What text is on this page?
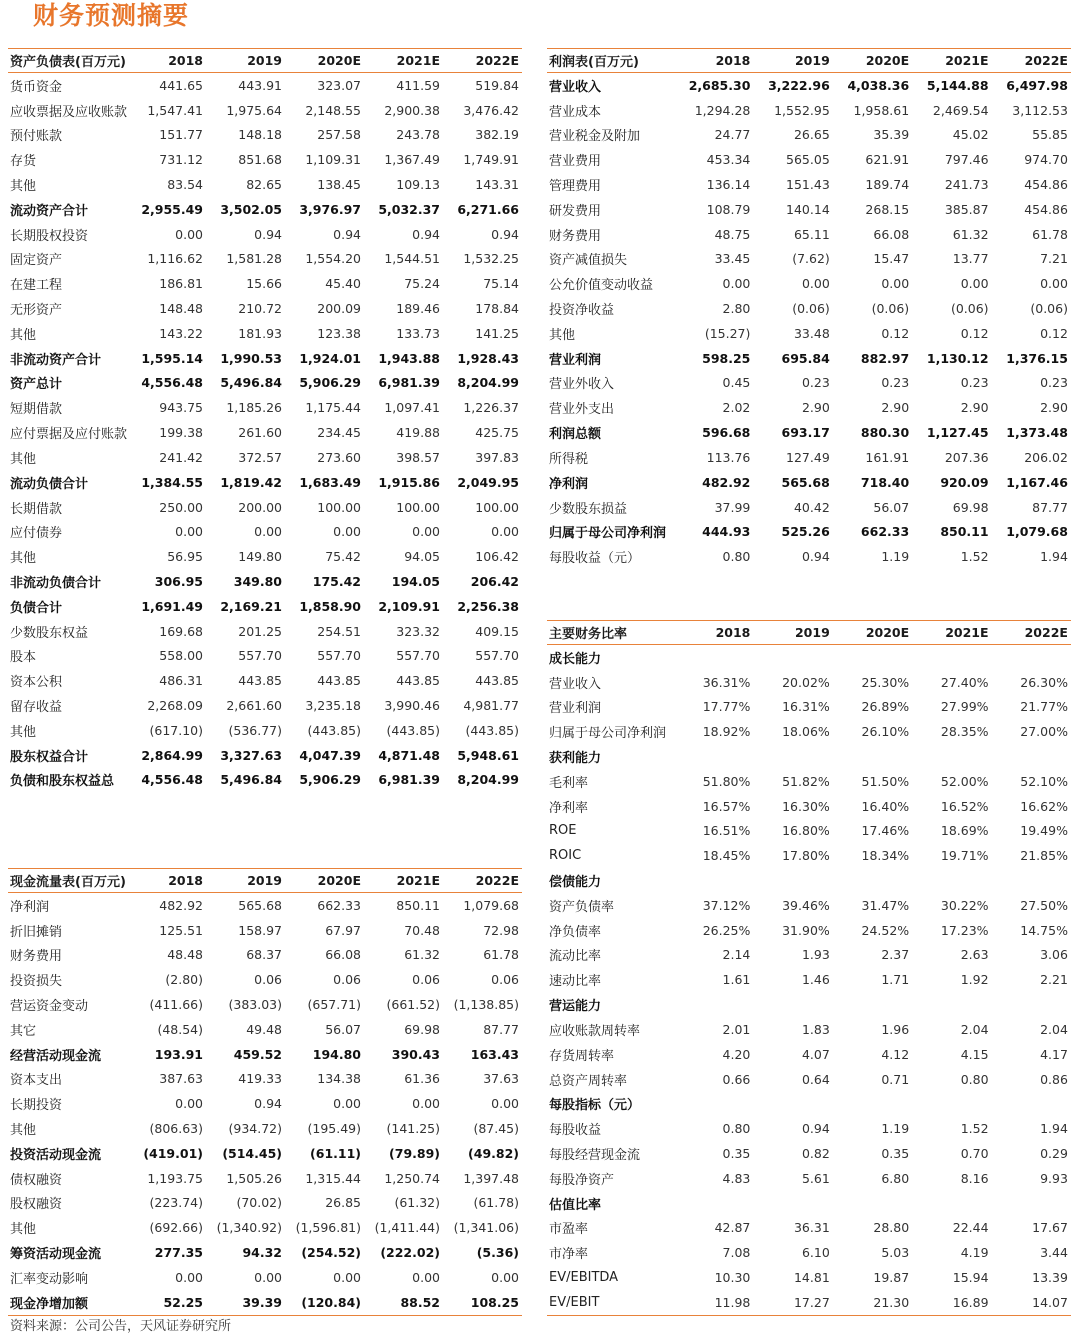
财务预测摘要
资产负债表(百万元)	2018	2019	2020E	2021E	2022E
货币资金	441.65	443.91	323.07	411.59	519.84
应收票据及应收账款	1,547.41	1,975.64	2,148.55	2,900.38	3,476.42
预付账款	151.77	148.18	257.58	243.78	382.19
存货	731.12	851.68	1,109.31	1,367.49	1,749.91
其他	83.54	82.65	138.45	109.13	143.31
流动资产合计	2,955.49	3,502.05	3,976.97	5,032.37	6,271.66
长期股权投资	0.00	0.94	0.94	0.94	0.94
固定资产	1,116.62	1,581.28	1,554.20	1,544.51	1,532.25
在建工程	186.81	15.66	45.40	75.24	75.14
无形资产	148.48	210.72	200.09	189.46	178.84
其他	143.22	181.93	123.38	133.73	141.25
非流动资产合计	1,595.14	1,990.53	1,924.01	1,943.88	1,928.43
资产总计	4,556.48	5,496.84	5,906.29	6,981.39	8,204.99
短期借款	943.75	1,185.26	1,175.44	1,097.41	1,226.37
应付票据及应付账款	199.38	261.60	234.45	419.88	425.75
其他	241.42	372.57	273.60	398.57	397.83
流动负债合计	1,384.55	1,819.42	1,683.49	1,915.86	2,049.95
长期借款	250.00	200.00	100.00	100.00	100.00
应付债券	0.00	0.00	0.00	0.00	0.00
其他	56.95	149.80	75.42	94.05	106.42
非流动负债合计	306.95	349.80	175.42	194.05	206.42
负债合计	1,691.49	2,169.21	1,858.90	2,109.91	2,256.38
少数股东权益	169.68	201.25	254.51	323.32	409.15
股本	558.00	557.70	557.70	557.70	557.70
资本公积	486.31	443.85	443.85	443.85	443.85
留存收益	2,268.09	2,661.60	3,235.18	3,990.46	4,981.77
其他	(617.10)	(536.77)	(443.85)	(443.85)	(443.85)
股东权益合计	2,864.99	3,327.63	4,047.39	4,871.48	5,948.61
负债和股东权益总	4,556.48	5,496.84	5,906.29	6,981.39	8,204.99
现金流量表(百万元)	2018	2019	2020E	2021E	2022E
净利润	482.92	565.68	662.33	850.11	1,079.68
折旧摊销	125.51	158.97	67.97	70.48	72.98
财务费用	48.48	68.37	66.08	61.32	61.78
投资损失	(2.80)	0.06	0.06	0.06	0.06
营运资金变动	(411.66)	(383.03)	(657.71)	(661.52)	(1,138.85)
其它	(48.54)	49.48	56.07	69.98	87.77
经营活动现金流	193.91	459.52	194.80	390.43	163.43
资本支出	387.63	419.33	134.38	61.36	37.63
长期投资	0.00	0.94	0.00	0.00	0.00
其他	(806.63)	(934.72)	(195.49)	(141.25)	(87.45)
投资活动现金流	(419.01)	(514.45)	(61.11)	(79.89)	(49.82)
债权融资	1,193.75	1,505.26	1,315.44	1,250.74	1,397.48
股权融资	(223.74)	(70.02)	26.85	(61.32)	(61.78)
其他	(692.66)	(1,340.92)	(1,596.81)	(1,411.44)	(1,341.06)
筹资活动现金流	277.35	94.32	(254.52)	(222.02)	(5.36)
汇率变动影响	0.00	0.00	0.00	0.00	0.00
现金净增加额	52.25	39.39	(120.84)	88.52	108.25
利润表(百万元)	2018	2019	2020E	2021E	2022E
营业收入	2,685.30	3,222.96	4,038.36	5,144.88	6,497.98
营业成本	1,294.28	1,552.95	1,958.61	2,469.54	3,112.53
营业税金及附加	24.77	26.65	35.39	45.02	55.85
营业费用	453.34	565.05	621.91	797.46	974.70
管理费用	136.14	151.43	189.74	241.73	454.86
研发费用	108.79	140.14	268.15	385.87	454.86
财务费用	48.75	65.11	66.08	61.32	61.78
资产减值损失	33.45	(7.62)	15.47	13.77	7.21
公允价值变动收益	0.00	0.00	0.00	0.00	0.00
投资净收益	2.80	(0.06)	(0.06)	(0.06)	(0.06)
其他	(15.27)	33.48	0.12	0.12	0.12
营业利润	598.25	695.84	882.97	1,130.12	1,376.15
营业外收入	0.45	0.23	0.23	0.23	0.23
营业外支出	2.02	2.90	2.90	2.90	2.90
利润总额	596.68	693.17	880.30	1,127.45	1,373.48
所得税	113.76	127.49	161.91	207.36	206.02
净利润	482.92	565.68	718.40	920.09	1,167.46
少数股东损益	37.99	40.42	56.07	69.98	87.77
归属于母公司净利润	444.93	525.26	662.33	850.11	1,079.68
每股收益（元）	0.80	0.94	1.19	1.52	1.94
主要财务比率	2018	2019	2020E	2021E	2022E
成长能力
营业收入	36.31%	20.02%	25.30%	27.40%	26.30%
营业利润	17.77%	16.31%	26.89%	27.99%	21.77%
归属于母公司净利润	18.92%	18.06%	26.10%	28.35%	27.00%
获利能力
毛利率	51.80%	51.82%	51.50%	52.00%	52.10%
净利率	16.57%	16.30%	16.40%	16.52%	16.62%
ROE	16.51%	16.80%	17.46%	18.69%	19.49%
ROIC	18.45%	17.80%	18.34%	19.71%	21.85%
偿债能力
资产负债率	37.12%	39.46%	31.47%	30.22%	27.50%
净负债率	26.25%	31.90%	24.52%	17.23%	14.75%
流动比率	2.14	1.93	2.37	2.63	3.06
速动比率	1.61	1.46	1.71	1.92	2.21
营运能力
应收账款周转率	2.01	1.83	1.96	2.04	2.04
存货周转率	4.20	4.07	4.12	4.15	4.17
总资产周转率	0.66	0.64	0.71	0.80	0.86
每股指标（元）
每股收益	0.80	0.94	1.19	1.52	1.94
每股经营现金流	0.35	0.82	0.35	0.70	0.29
每股净资产	4.83	5.61	6.80	8.16	9.93
估值比率
市盈率	42.87	36.31	28.80	22.44	17.67
市净率	7.08	6.10	5.03	4.19	3.44
EV/EBITDA	10.30	14.81	19.87	15.94	13.39
EV/EBIT	11.98	17.27	21.30	16.89	14.07
资料来源：公司公告，天风证券研究所
